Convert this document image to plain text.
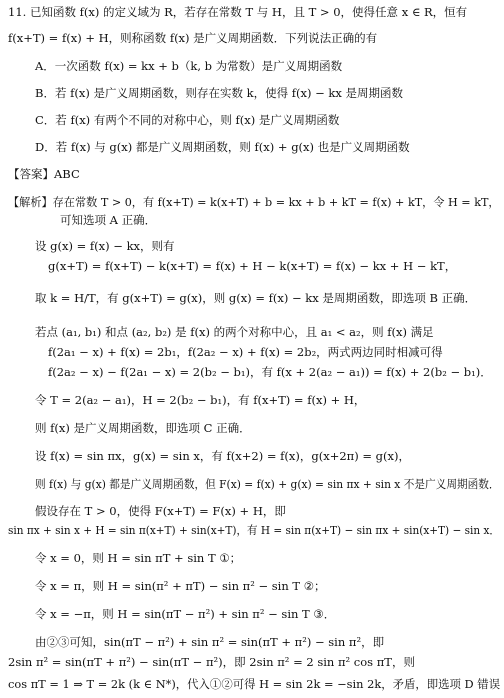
11. 已知函数 f(x) 的定义域为 R，若存在常数 T 与 H，且 T > 0，使得任意 x ∈ R，恒有
f(x+T) = f(x) + H，则称函数 f(x) 是广义周期函数．下列说法正确的有
A．一次函数 f(x) = kx + b（k, b 为常数）是广义周期函数
B．若 f(x) 是广义周期函数，则存在实数 k，使得 f(x) − kx 是周期函数
C．若 f(x) 有两个不同的对称中心，则 f(x) 是广义周期函数
D．若 f(x) 与 g(x) 都是广义周期函数，则 f(x) + g(x) 也是广义周期函数
【答案】ABC
【解析】存在常数 T > 0，有 f(x+T) = k(x+T) + b = kx + b + kT = f(x) + kT，令 H = kT，
可知选项 A 正确．
设 g(x) = f(x) − kx，则有
g(x+T) = f(x+T) − k(x+T) = f(x) + H − k(x+T) = f(x) − kx + H − kT，
取 k = H/T，有 g(x+T) = g(x)，则 g(x) = f(x) − kx 是周期函数，即选项 B 正确．
若点 (a₁, b₁) 和点 (a₂, b₂) 是 f(x) 的两个对称中心，且 a₁ < a₂，则 f(x) 满足
f(2a₁ − x) + f(x) = 2b₁，f(2a₂ − x) + f(x) = 2b₂，两式两边同时相减可得
f(2a₂ − x) − f(2a₁ − x) = 2(b₂ − b₁)，有 f(x + 2(a₂ − a₁)) = f(x) + 2(b₂ − b₁)．
令 T = 2(a₂ − a₁)，H = 2(b₂ − b₁)，有 f(x+T) = f(x) + H，
则 f(x) 是广义周期函数，即选项 C 正确．
设 f(x) = sin πx，g(x) = sin x，有 f(x+2) = f(x)，g(x+2π) = g(x)，
则 f(x) 与 g(x) 都是广义周期函数，但 F(x) = f(x) + g(x) = sin πx + sin x 不是广义周期函数．
假设存在 T > 0，使得 F(x+T) = F(x) + H，即
sin πx + sin x + H = sin π(x+T) + sin(x+T)，有 H = sin π(x+T) − sin πx + sin(x+T) − sin x．
令 x = 0，则 H = sin πT + sin T ①；
令 x = π，则 H = sin(π² + πT) − sin π² − sin T ②；
令 x = −π，则 H = sin(πT − π²) + sin π² − sin T ③．
由②③可知，sin(πT − π²) + sin π² = sin(πT + π²) − sin π²，即
2sin π² = sin(πT + π²) − sin(πT − π²)，即 2sin π² = 2 sin π² cos πT，则
cos πT = 1 ⇒ T = 2k (k ∈ N*)，代入①②可得 H = sin 2k = −sin 2k，矛盾，即选项 D 错误
